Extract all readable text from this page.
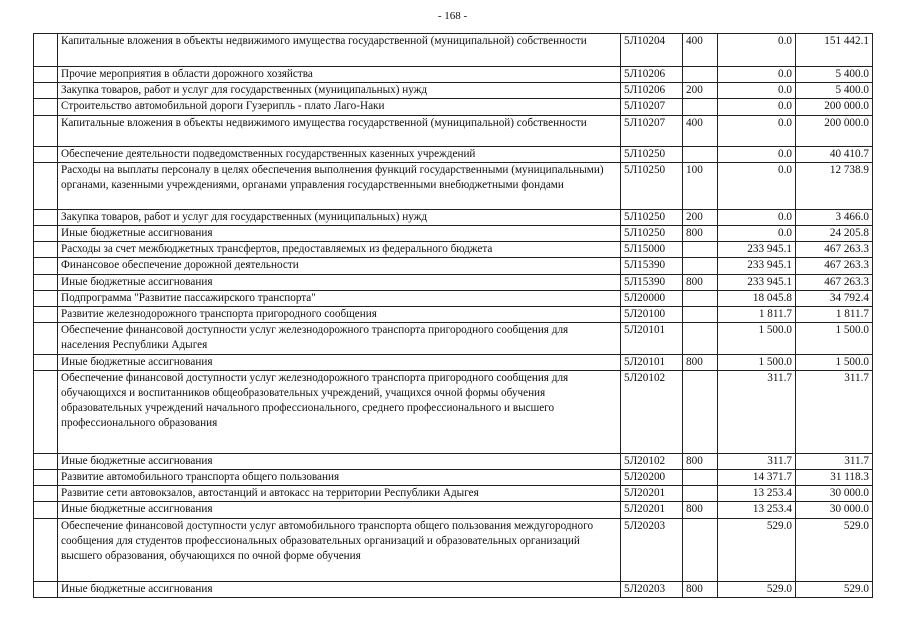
- 168 -
	Капитальные вложения в объекты недвижимого имущества государственной (муниципальной) собственности	5Л10204	400	0.0	151 442.1
	Прочие мероприятия в области дорожного хозяйства	5Л10206		0.0	5 400.0
	Закупка товаров, работ и услуг для государственных (муниципальных) нужд	5Л10206	200	0.0	5 400.0
	Строительство автомобильной дороги Гузерипль - плато Лаго-Наки	5Л10207		0.0	200 000.0
	Капитальные вложения в объекты недвижимого имущества государственной (муниципальной) собственности	5Л10207	400	0.0	200 000.0
	Обеспечение деятельности подведомственных государственных казенных учреждений	5Л10250		0.0	40 410.7
	Расходы на выплаты персоналу в целях обеспечения выполнения функций государственными (муниципальными) органами, казенными учреждениями, органами управления государственными внебюджетными фондами	5Л10250	100	0.0	12 738.9
	Закупка товаров, работ и услуг для государственных (муниципальных) нужд	5Л10250	200	0.0	3 466.0
	Иные бюджетные ассигнования	5Л10250	800	0.0	24 205.8
	Расходы за счет межбюджетных трансфертов, предоставляемых из федерального бюджета	5Л15000		233 945.1	467 263.3
	Финансовое обеспечение дорожной деятельности	5Л15390		233 945.1	467 263.3
	Иные бюджетные ассигнования	5Л15390	800	233 945.1	467 263.3
	Подпрограмма "Развитие пассажирского транспорта"	5Л20000		18 045.8	34 792.4
	Развитие железнодорожного транспорта пригородного сообщения	5Л20100		1 811.7	1 811.7
	Обеспечение финансовой доступности услуг железнодорожного транспорта пригородного сообщения для населения Республики Адыгея	5Л20101		1 500.0	1 500.0
	Иные бюджетные ассигнования	5Л20101	800	1 500.0	1 500.0
	Обеспечение финансовой доступности услуг железнодорожного транспорта пригородного сообщения для обучающихся и воспитанников общеобразовательных учреждений, учащихся очной формы обучения образовательных учреждений начального профессионального, среднего профессионального и высшего профессионального образования	5Л20102		311.7	311.7
	Иные бюджетные ассигнования	5Л20102	800	311.7	311.7
	Развитие автомобильного транспорта общего пользования	5Л20200		14 371.7	31 118.3
	Развитие сети автовокзалов, автостанций и автокасс на территории Республики Адыгея	5Л20201		13 253.4	30 000.0
	Иные бюджетные ассигнования	5Л20201	800	13 253.4	30 000.0
	Обеспечение финансовой доступности услуг автомобильного транспорта общего пользования междугородного сообщения для студентов профессиональных образовательных организаций и образовательных организаций высшего образования, обучающихся по очной форме обучения	5Л20203		529.0	529.0
	Иные бюджетные ассигнования	5Л20203	800	529.0	529.0
